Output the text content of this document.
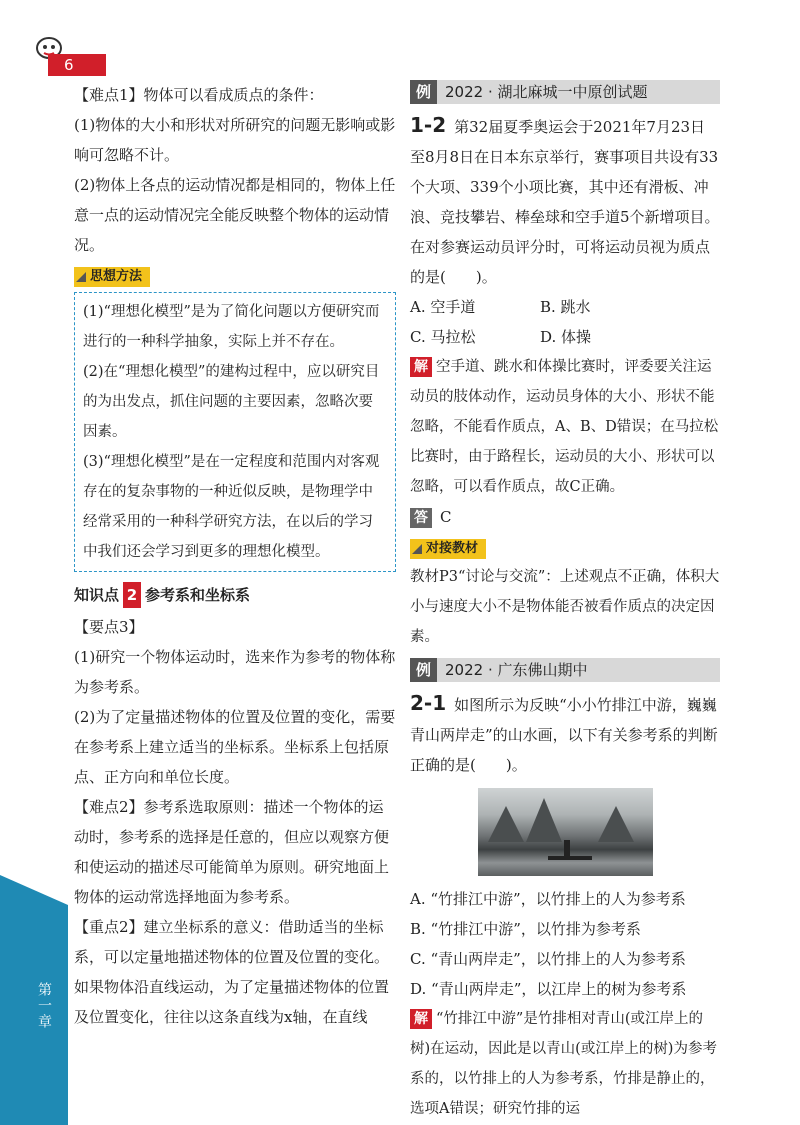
6
第一章

【难点1】物体可以看成质点的条件：

(1)物体的大小和形状对所研究的问题无影响或影响可忽略不计。

(2)物体上各点的运动情况都是相同的，物体上任意一点的运动情况完全能反映整个物体的运动情况。

思想方法

(1)“理想化模型”是为了简化问题以方便研究而进行的一种科学抽象，实际上并不存在。

(2)在“理想化模型”的建构过程中，应以研究目的为出发点，抓住问题的主要因素，忽略次要因素。

(3)“理想化模型”是在一定程度和范围内对客观存在的复杂事物的一种近似反映，是物理学中经常采用的一种科学研究方法，在以后的学习中我们还会学习到更多的理想化模型。

知识点 2 参考系和坐标系

【要点3】

(1)研究一个物体运动时，选来作为参考的物体称为参考系。

(2)为了定量描述物体的位置及位置的变化，需要在参考系上建立适当的坐标系。坐标系上包括原点、正方向和单位长度。

【难点2】参考系选取原则：描述一个物体的运动时，参考系的选择是任意的，但应以观察方便和使运动的描述尽可能简单为原则。研究地面上物体的运动常选择地面为参考系。

【重点2】建立坐标系的意义：借助适当的坐标系，可以定量地描述物体的位置及位置的变化。如果物体沿直线运动，为了定量描述物体的位置及位置变化，往往以这条直线为x轴，在直线

例 2022 · 湖北麻城一中原创试题

1-2 第32届夏季奥运会于2021年7月23日至8月8日在日本东京举行，赛事项目共设有33个大项、339个小项比赛，其中还有滑板、冲浪、竞技攀岩、棒垒球和空手道5个新增项目。在对参赛运动员评分时，可将运动员视为质点的是(　　)。

A. 空手道	B. 跳水
C. 马拉松	D. 体操

解 空手道、跳水和体操比赛时，评委要关注运动员的肢体动作，运动员身体的大小、形状不能忽略，不能看作质点，A、B、D错误；在马拉松比赛时，由于路程长，运动员的大小、形状可以忽略，可以看作质点，故C正确。

答 C

对接教材

教材P3“讨论与交流”：上述观点不正确，体积大小与速度大小不是物体能否被看作质点的决定因素。

例 2022 · 广东佛山期中

2-1 如图所示为反映“小小竹排江中游，巍巍青山两岸走”的山水画，以下有关参考系的判断正确的是(　　)。

A. “竹排江中游”，以竹排上的人为参考系

B. “竹排江中游”，以竹排为参考系

C. “青山两岸走”，以竹排上的人为参考系

D. “青山两岸走”，以江岸上的树为参考系

解 “竹排江中游”是竹排相对青山(或江岸上的树)在运动，因此是以青山(或江岸上的树)为参考系的，以竹排上的人为参考系，竹排是静止的，选项A错误；研究竹排的运
